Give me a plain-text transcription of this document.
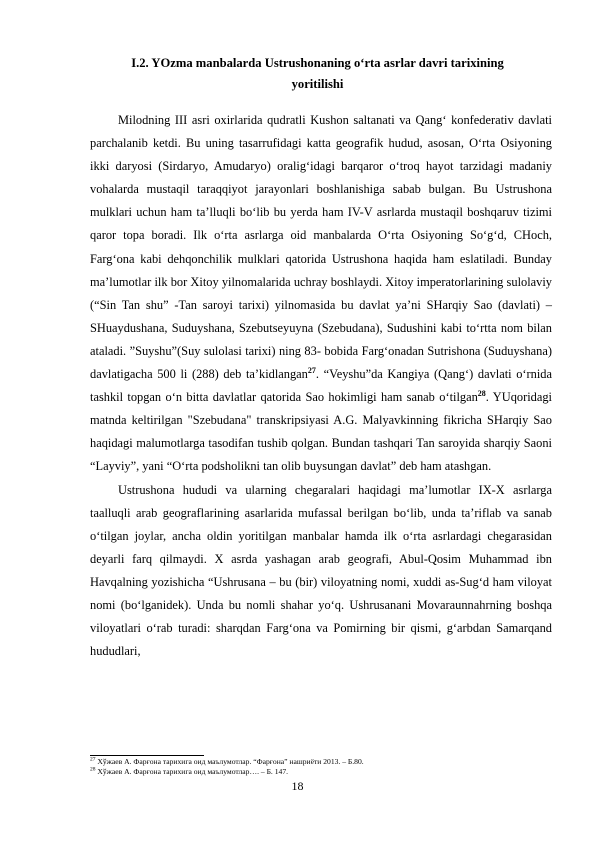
I.2. YOzma manbalarda Ustrushonaning o‘rta asrlar davri tarixining
yoritilishi

Milodning III asri oxirlarida qudratli Kushon saltanati va Qang‘ konfederativ davlati parchalanib ketdi. Bu uning tasarrufidagi katta geografik hudud, asosan, O‘rta Osiyoning ikki daryosi (Sirdaryo, Amudaryo) oralig‘idagi barqaror o‘troq hayot tarzidagi madaniy vohalarda mustaqil taraqqiyot jarayonlari boshlanishiga sabab bulgan. Bu Ustrushona mulklari uchun ham ta’lluqli bo‘lib bu yerda ham IV-V asrlarda mustaqil boshqaruv tizimi qaror topa boradi. Ilk o‘rta asrlarga oid manbalarda O‘rta Osiyoning So‘g‘d, CHoch, Farg‘ona kabi dehqonchilik mulklari qatorida Ustrushona haqida ham eslatiladi. Bunday ma’lumotlar ilk bor Xitoy yilnomalarida uchray boshlaydi. Xitoy imperatorlarining sulolaviy (“Sin Tan shu” -Tan saroyi tarixi) yilnomasida bu davlat ya’ni SHarqiy Sao (davlati) – SHuaydushana, Suduyshana, Szebutseyuyna (Szebudana), Sudushini kabi to‘rtta nom bilan ataladi. ”Suyshu”(Suy sulolasi tarixi) ning 83- bobida Farg‘onadan Sutrishona (Suduyshana) davlatigacha 500 li (288) deb ta’kidlangan$^{27}$. “Veyshu”da Kangiya (Qang‘) davlati o‘rnida tashkil topgan o‘n bitta davlatlar qatorida Sao hokimligi ham sanab o‘tilgan$^{28}$. YUqoridagi matnda keltirilgan "Szebudana" transkripsiyasi A.G. Malyavkinning fikricha SHarqiy Sao haqidagi malumotlarga tasodifan tushib qolgan. Bundan tashqari Tan saroyida sharqiy Saoni “Layviy”, yani “O‘rta podsholikni tan olib buysungan davlat” deb ham atashgan.

Ustrushona hududi va ularning chegaralari haqidagi ma’lumotlar IX-X asrlarga taalluqli arab geograflarining asarlarida mufassal berilgan bo‘lib, unda ta’riflab va sanab o‘tilgan joylar, ancha oldin yoritilgan manbalar hamda ilk o‘rta asrlardagi chegarasidan deyarli farq qilmaydi. X asrda yashagan arab geografi, Abul-Qosim Muhammad ibn Havqalning yozishicha “Ushrusana – bu (bir) viloyatning nomi, xuddi as-Sug‘d ham viloyat nomi (bo‘lganidek). Unda bu nomli shahar yo‘q. Ushrusanani Movaraunnahrning boshqa viloyatlari o‘rab turadi: sharqdan Farg‘ona va Pomirning bir qismi, g‘arbdan Samarqand hududlari,

$^{27}$ Хўжаев А. Фарғона тарихига оид маълумотлар. “Фарғона” нашриёти 2013. – Б.80.
$^{28}$ Хўжаев А. Фарғона тарихига оид маълумотлар…. – Б. 147.
18
